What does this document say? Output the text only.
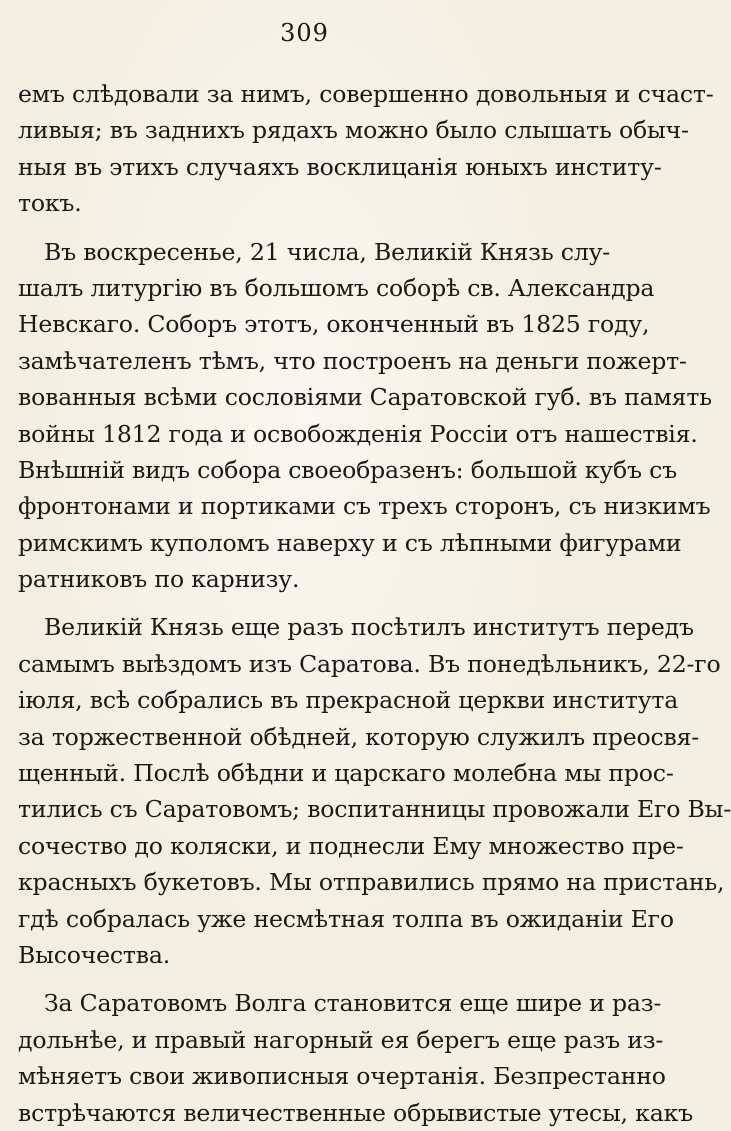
309
емъ слѣдовали за нимъ, совершенно довольныя и счаст-
ливыя; въ заднихъ рядахъ можно было слышать обыч-
ныя въ этихъ случаяхъ восклицанія юныхъ институ-
токъ.
Въ воскресенье, 21 числа, Великій Князь слу-
шалъ литургію въ большомъ соборѣ св. Александра
Невскаго. Соборъ этотъ, оконченный въ 1825 году,
замѣчателенъ тѣмъ, что построенъ на деньги пожерт-
вованныя всѣми сословіями Саратовской губ. въ память
войны 1812 года и освобожденія Россіи отъ нашествія.
Внѣшній видъ собора своеобразенъ: большой кубъ съ
фронтонами и портиками съ трехъ сторонъ, съ низкимъ
римскимъ куполомъ наверху и съ лѣпными фигурами
ратниковъ по карнизу.
Великій Князь еще разъ посѣтилъ институтъ передъ
самымъ выѣздомъ изъ Саратова. Въ понедѣльникъ, 22-го
іюля, всѣ собрались въ прекрасной церкви института
за торжественной обѣдней, которую служилъ преосвя-
щенный. Послѣ обѣдни и царскаго молебна мы прос-
тились съ Саратовомъ; воспитанницы провожали Его Вы-
сочество до коляски, и поднесли Ему множество пре-
красныхъ букетовъ. Мы отправились прямо на пристань,
гдѣ собралась уже несмѣтная толпа въ ожиданіи Его
Высочества.
За Саратовомъ Волга становится еще шире и раз-
дольнѣе, и правый нагорный ея берегъ еще разъ из-
мѣняетъ свои живописныя очертанія. Безпрестанно
встрѣчаются величественные обрывистые утесы, какъ
